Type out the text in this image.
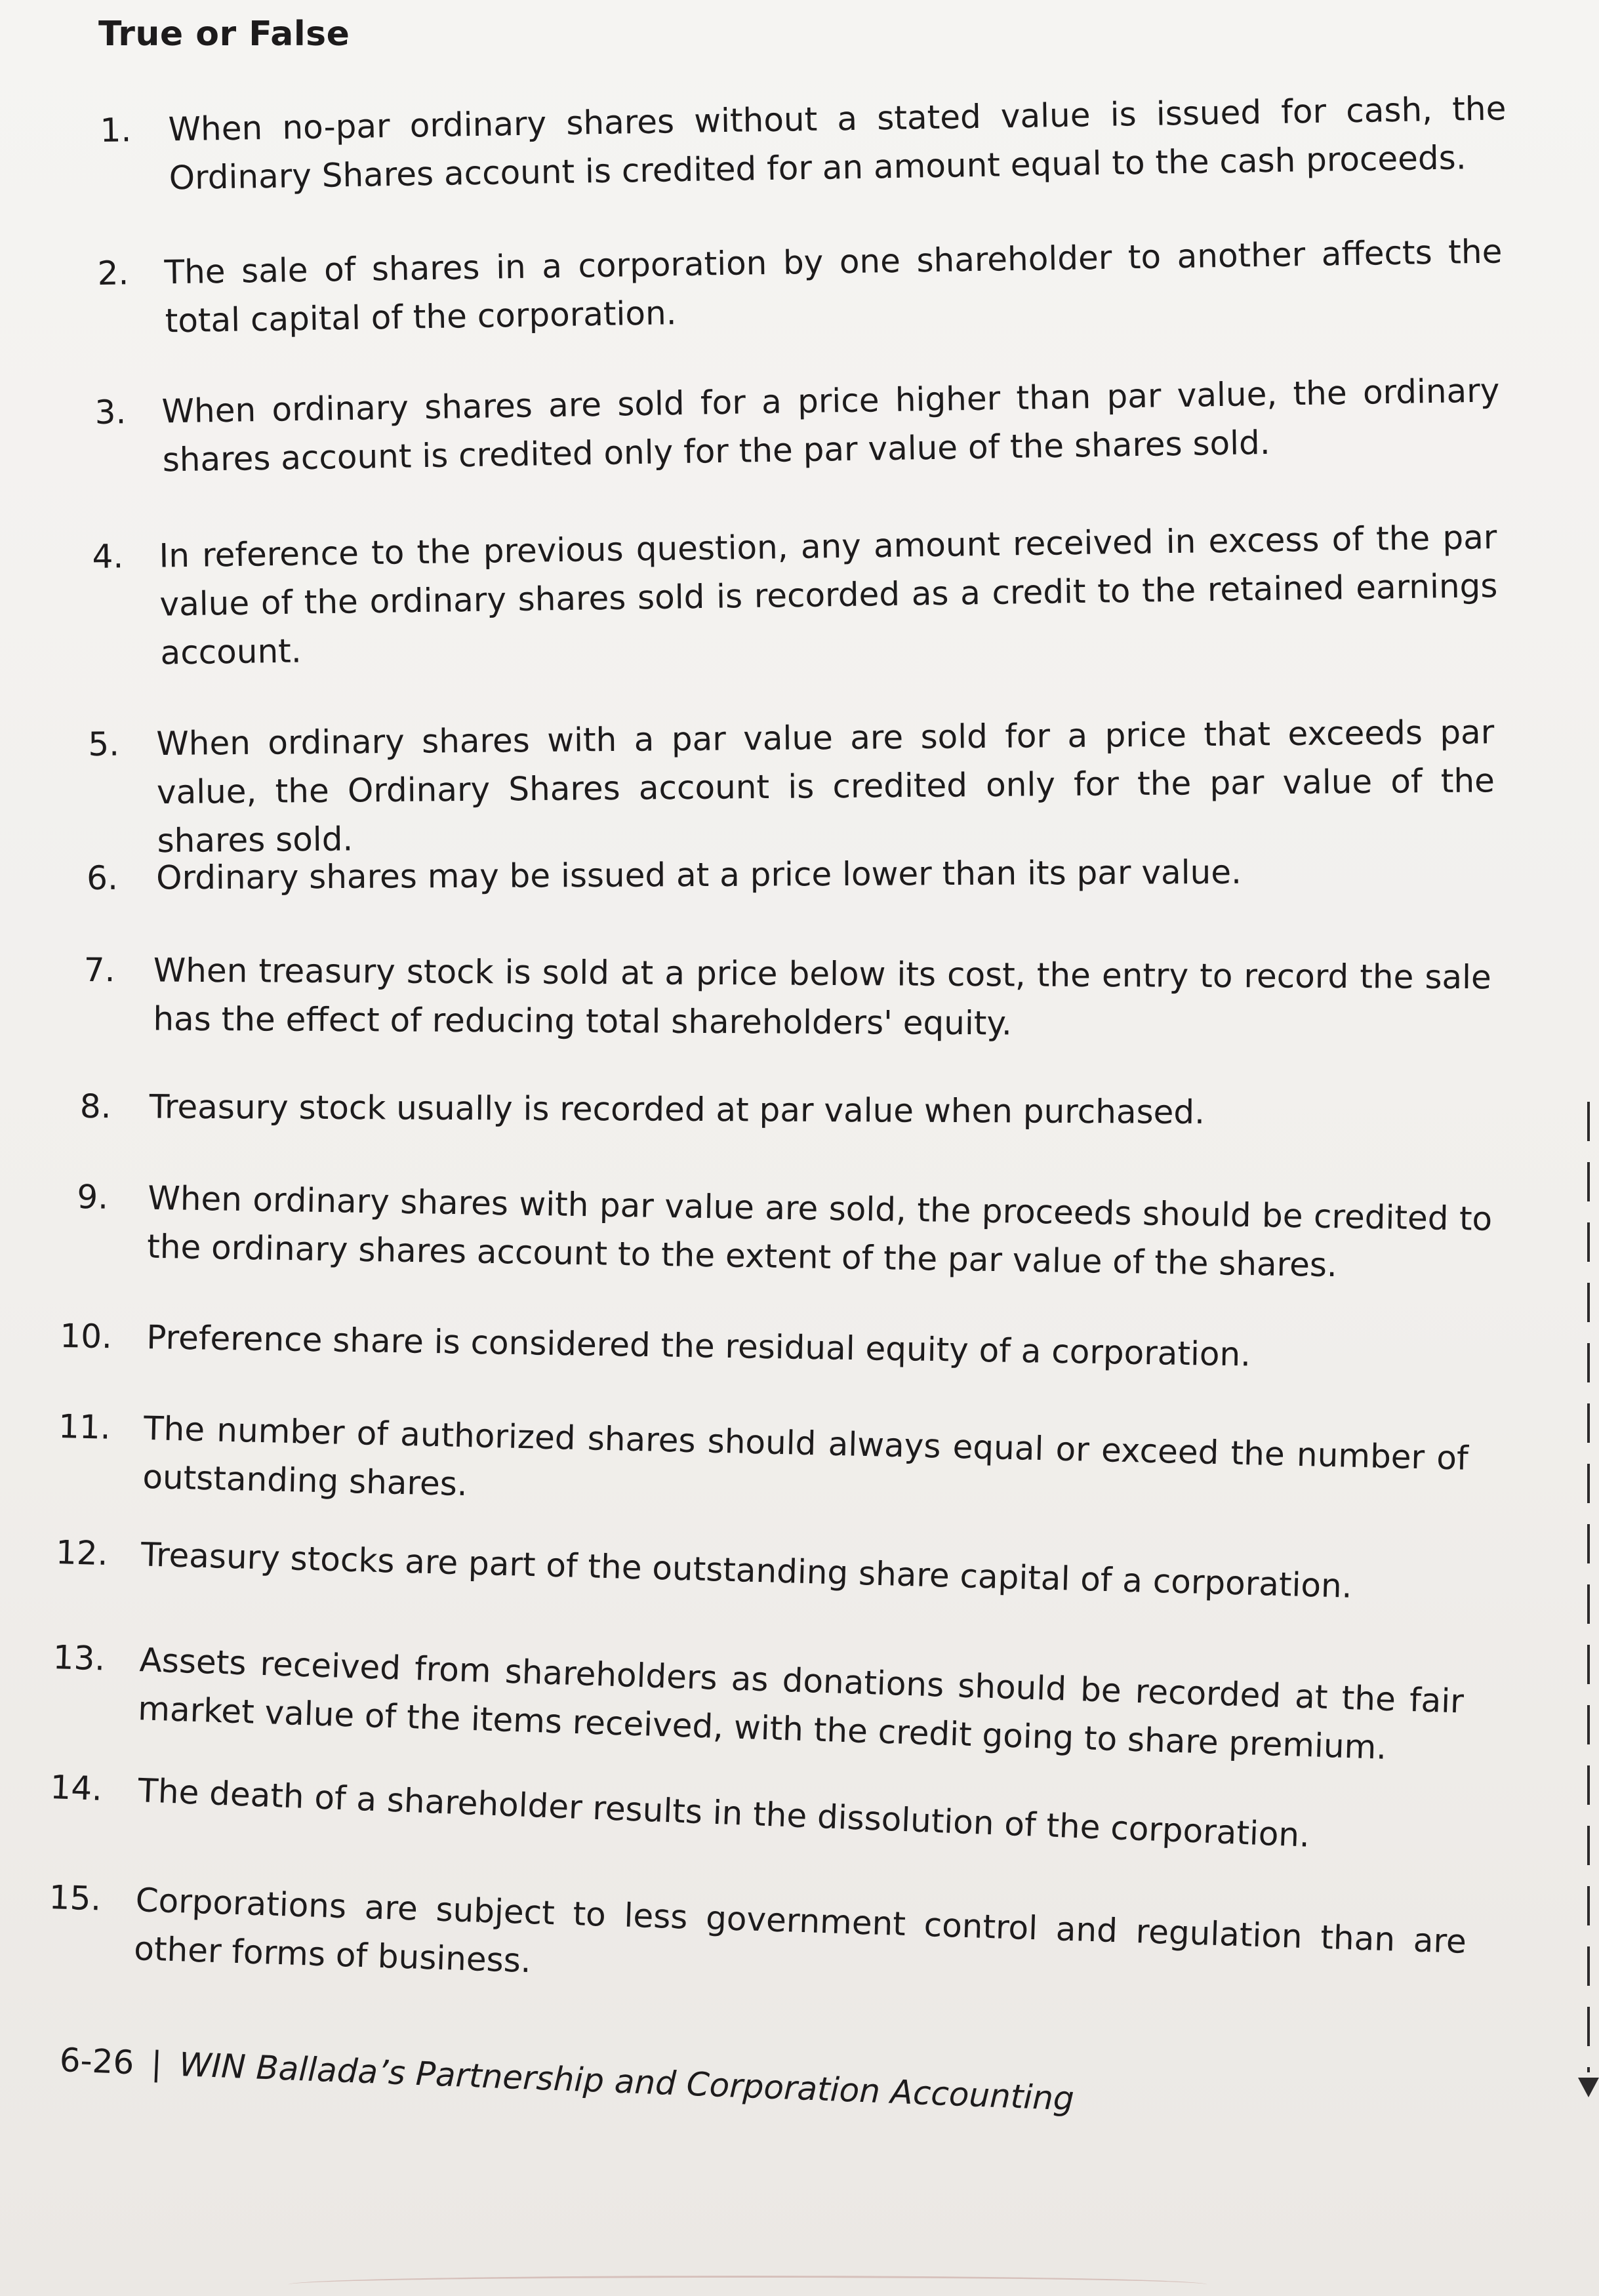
True or False
1. When no-par ordinary shares without a stated value is issued for cash, the Ordinary Shares account is credited for an amount equal to the cash proceeds.
2. The sale of shares in a corporation by one shareholder to another affects the total capital of the corporation.
3. When ordinary shares are sold for a price higher than par value, the ordinary shares account is credited only for the par value of the shares sold.
4. In reference to the previous question, any amount received in excess of the par value of the ordinary shares sold is recorded as a credit to the retained earnings account.
5. When ordinary shares with a par value are sold for a price that exceeds par value, the Ordinary Shares account is credited only for the par value of the shares sold.
6. Ordinary shares may be issued at a price lower than its par value.
7. When treasury stock is sold at a price below its cost, the entry to record the sale has the effect of reducing total shareholders' equity.
8. Treasury stock usually is recorded at par value when purchased.
9. When ordinary shares with par value are sold, the proceeds should be credited to the ordinary shares account to the extent of the par value of the shares.
10. Preference share is considered the residual equity of a corporation.
11. The number of authorized shares should always equal or exceed the number of outstanding shares.
12. Treasury stocks are part of the outstanding share capital of a corporation.
13. Assets received from shareholders as donations should be recorded at the fair market value of the items received, with the credit going to share premium.
14. The death of a shareholder results in the dissolution of the corporation.
15. Corporations are subject to less government control and regulation than are other forms of business.
6-26 | WIN Ballada’s Partnership and Corporation Accounting
